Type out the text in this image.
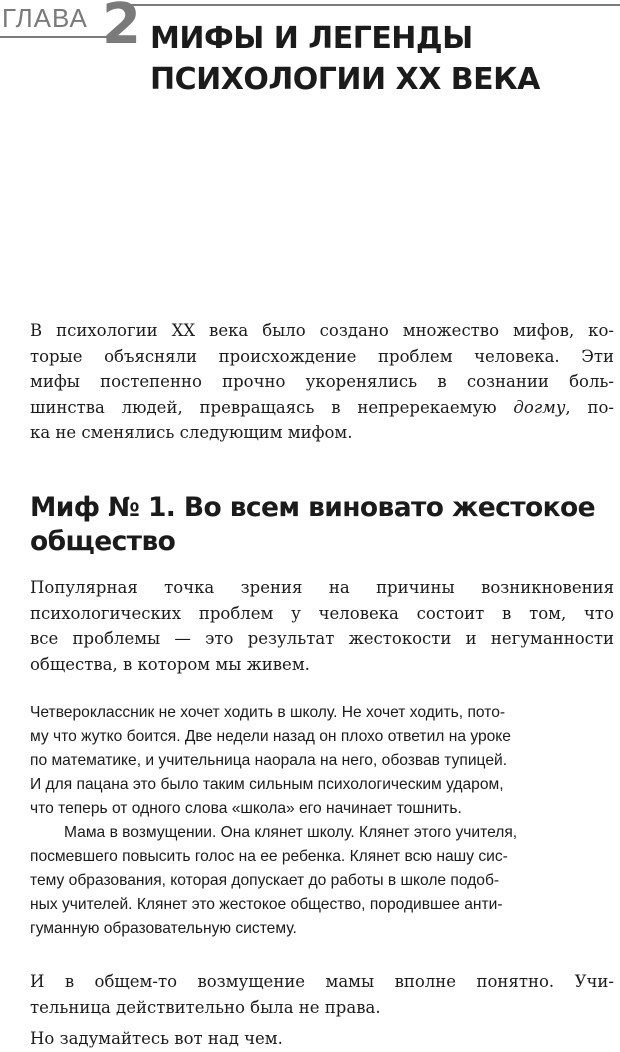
ГЛАВА 2 МИФЫ И ЛЕГЕНДЫ
ПСИХОЛОГИИ ХХ ВЕКА
В психологии XX века было создано множество мифов, ко-
торые объясняли происхождение проблем человека. Эти
мифы постепенно прочно укоренялись в сознании боль-
шинства людей, превращаясь в непререкаемую догму, по-
ка не сменялись следующим мифом.
Миф № 1. Во всем виновато жестокое
общество
Популярная точка зрения на причины возникновения
психологических проблем у человека состоит в том, что
все проблемы — это результат жестокости и негуманности
общества, в котором мы живем.
Четвероклассник не хочет ходить в школу. Не хочет ходить, пото-
му что жутко боится. Две недели назад он плохо ответил на уроке
по математике, и учительница наорала на него, обозвав тупицей.
И для пацана это было таким сильным психологическим ударом,
что теперь от одного слова «школа» его начинает тошнить.
Мама в возмущении. Она клянет школу. Клянет этого учителя,
посмевшего повысить голос на ее ребенка. Клянет всю нашу сис-
тему образования, которая допускает до работы в школе подоб-
ных учителей. Клянет это жестокое общество, породившее анти-
гуманную образовательную систему.
И в общем-то возмущение мамы вполне понятно. Учи-
тельница действительно была не права.
Но задумайтесь вот над чем.
